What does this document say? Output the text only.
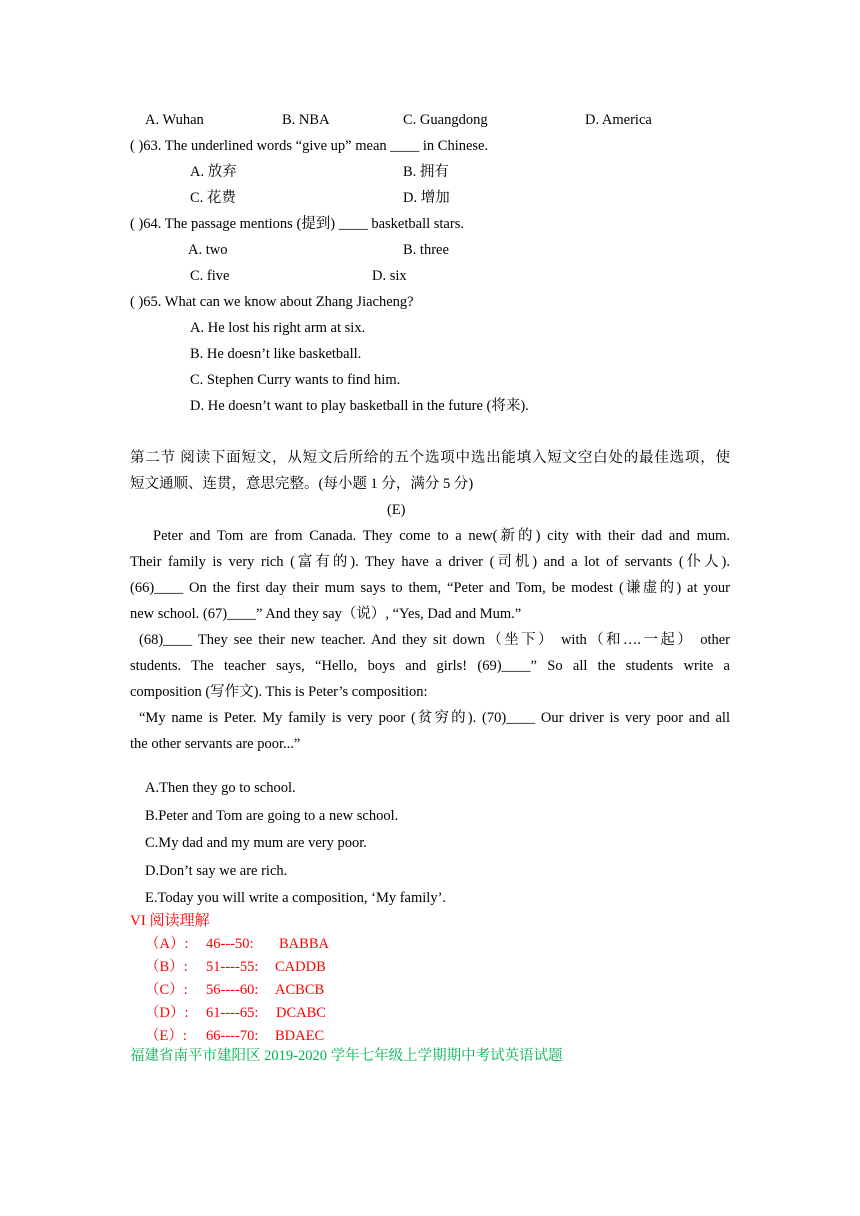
A. Wuhan	B. NBA	C. Guangdong	D. America
( )63. The underlined words “give up” mean ____ in Chinese.
A. 放弃	B. 拥有
C. 花费	D. 增加
( )64. The passage mentions (提到) ____ basketball stars.
A. two	B. three
C. five	D. six
( )65. What can we know about Zhang Jiacheng?
A. He lost his right arm at six.
B. He doesn’t like basketball.
C. Stephen Curry wants to find him.
D. He doesn’t want to play basketball in the future (将来).
第二节 阅读下面短文，从短文后所给的五个选项中选出能填入短文空白处的最佳选项，使
短文通顺、连贯，意思完整。(每小题 1 分，满分 5 分)
(E)
Peter and Tom are from Canada. They come to a new(新的) city with their dad and mum.
Their family is very rich (富有的). They have a driver (司机) and a lot of servants (仆人).
(66)____ On the first day their mum says to them, “Peter and Tom, be modest (谦虚的) at your
new school. (67)____” And they say（说）, “Yes, Dad and Mum.”
(68)____ They see their new teacher. And they sit down（坐下） with（和….一起） other
students. The teacher says, “Hello, boys and girls! (69)____” So all the students write a
composition (写作文). This is Peter’s composition:
“My name is Peter. My family is very poor (贫穷的). (70)____ Our driver is very poor and all
the other servants are poor...”
A.Then they go to school.
B.Peter and Tom are going to a new school.
C.My dad and my mum are very poor.
D.Don’t say we are rich.
E.Today you will write a composition, ‘My family’.
VI 阅读理解
（A）: 46---50: BABBA
（B）: 51----55: CADDB
（C）: 56----60: ACBCB
（D）: 61----65: DCABC
（E）: 66----70: BDAEC
福建省南平市建阳区 2019-2020 学年七年级上学期期中考试英语试题
